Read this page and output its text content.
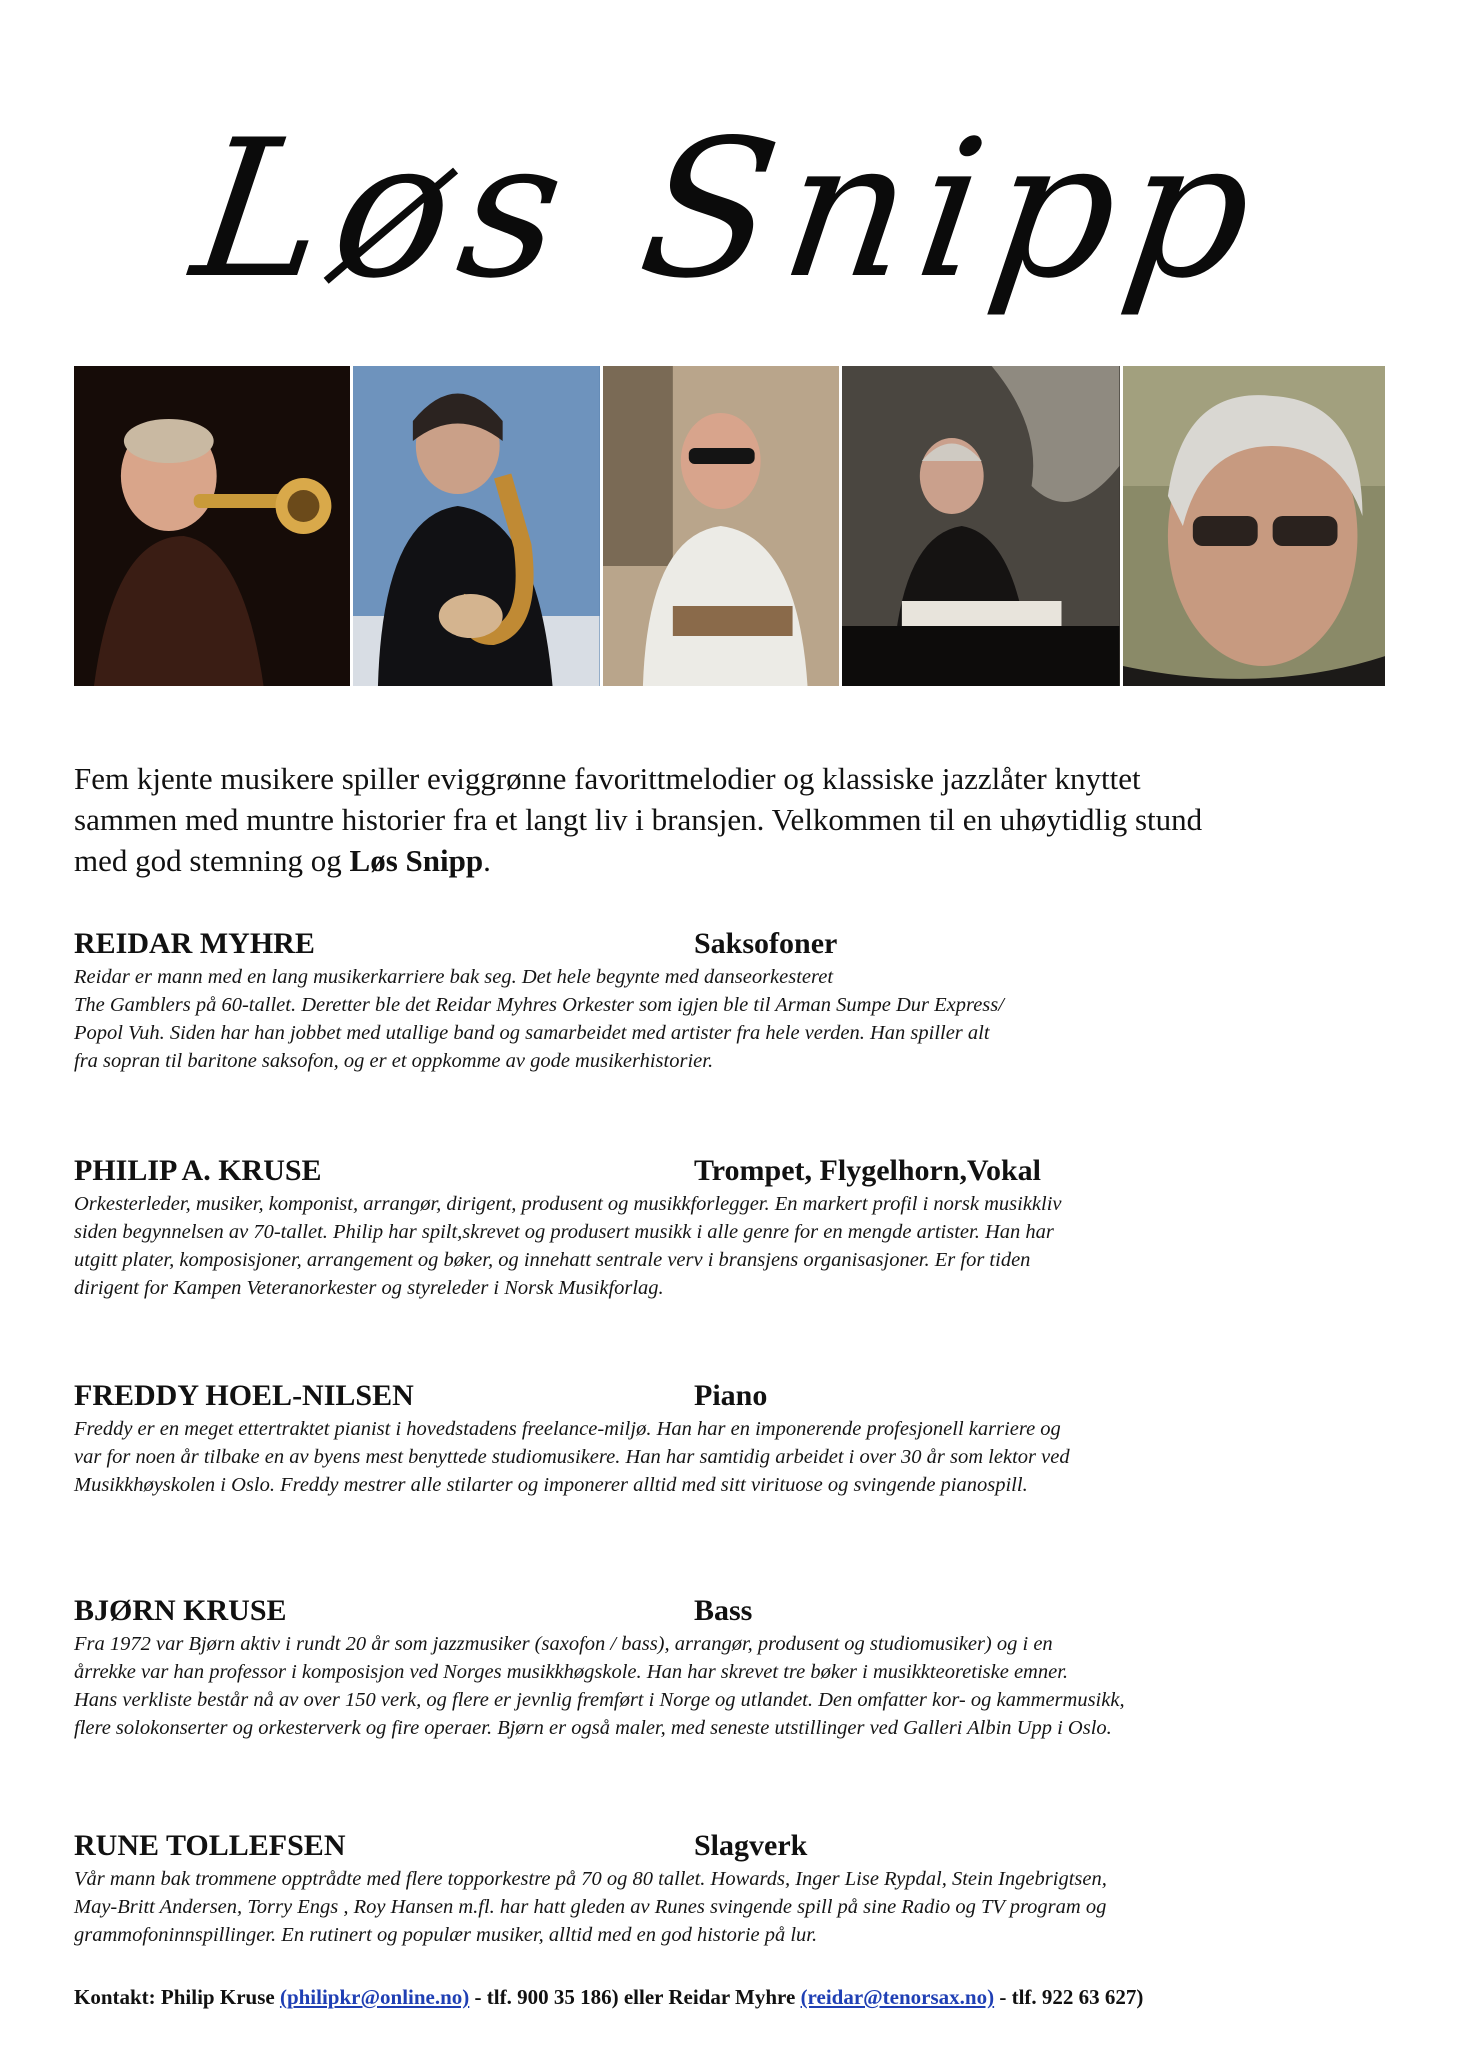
Løs Snipp
Fem kjente musikere spiller eviggrønne favorittmelodier og klassiske jazzlåter knyttet
sammen med muntre historier fra et langt liv i bransjen. Velkommen til en uhøytidlig stund
med god stemning og Løs Snipp.
REIDAR MYHRE	Saksofoner
Reidar er mann med en lang musikerkarriere bak seg. Det hele begynte med danseorkesteret
The Gamblers på 60-tallet. Deretter ble det Reidar Myhres Orkester som igjen ble til Arman Sumpe Dur Express/
Popol Vuh. Siden har han jobbet med utallige band og samarbeidet med artister fra hele verden. Han spiller alt
fra sopran til baritone saksofon, og er et oppkomme av gode musikerhistorier.
PHILIP A. KRUSE	Trompet, Flygelhorn,Vokal
Orkesterleder, musiker, komponist, arrangør, dirigent, produsent og musikkforlegger. En markert profil i norsk musikkliv
siden begynnelsen av 70-tallet. Philip har spilt,skrevet og produsert musikk i alle genre for en mengde artister. Han har
utgitt plater, komposisjoner, arrangement og bøker, og innehatt sentrale verv i bransjens organisasjoner. Er for tiden
dirigent for Kampen Veteranorkester og styreleder i Norsk Musikforlag.
FREDDY HOEL-NILSEN	Piano
Freddy er en meget ettertraktet pianist i hovedstadens freelance-miljø. Han har en imponerende profesjonell karriere og
var for noen år tilbake en av byens mest benyttede studiomusikere. Han har samtidig arbeidet i over 30 år som lektor ved
Musikkhøyskolen i Oslo. Freddy mestrer alle stilarter og imponerer alltid med sitt virituose og svingende pianospill.
BJØRN KRUSE	Bass
Fra 1972 var Bjørn aktiv i rundt 20 år som jazzmusiker (saxofon / bass), arrangør, produsent og studiomusiker) og i en
årrekke var han professor i komposisjon ved Norges musikkhøgskole. Han har skrevet tre bøker i musikkteoretiske emner.
Hans verkliste består nå av over 150 verk, og flere er jevnlig fremført i Norge og utlandet. Den omfatter kor- og kammermusikk,
flere solokonserter og orkesterverk og fire operaer. Bjørn er også maler, med seneste utstillinger ved Galleri Albin Upp i Oslo.
RUNE TOLLEFSEN	Slagverk
Vår mann bak trommene opptrådte med flere topporkestre på 70 og 80 tallet. Howards, Inger Lise Rypdal, Stein Ingebrigtsen,
May-Britt Andersen, Torry Engs , Roy Hansen m.fl. har hatt gleden av Runes svingende spill på sine Radio og TV program og
grammofoninnspillinger. En rutinert og populær musiker, alltid med en god historie på lur.
Kontakt: Philip Kruse (philipkr@online.no) - tlf. 900 35 186) eller Reidar Myhre (reidar@tenorsax.no) - tlf. 922 63 627)
